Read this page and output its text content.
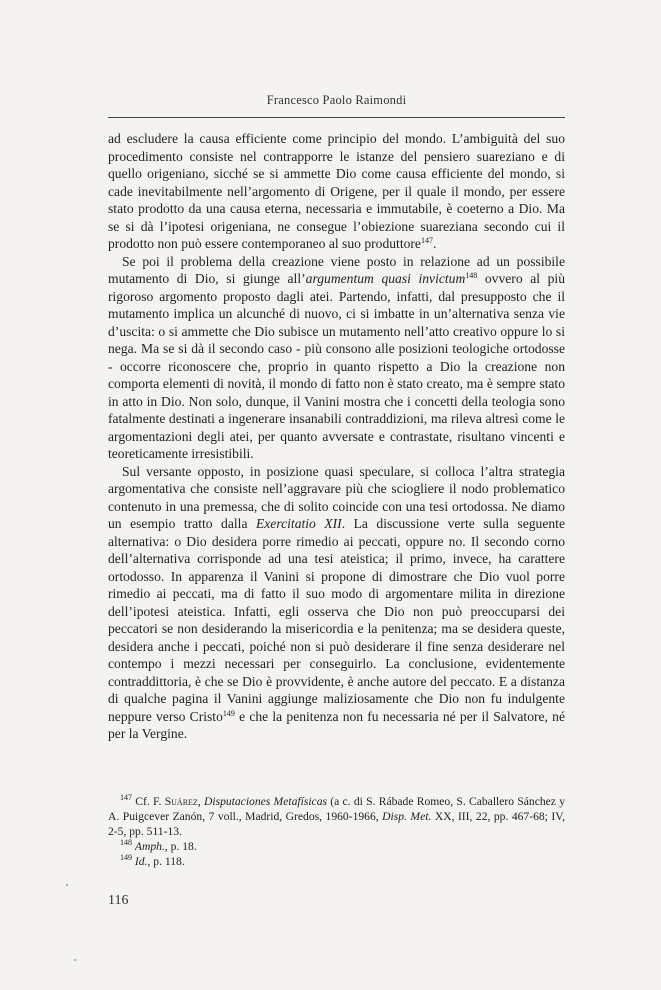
Francesco Paolo Raimondi

ad escludere la causa efficiente come principio del mondo. L’ambiguità del suo procedimento consiste nel contrapporre le istanze del pensiero suareziano e di quello origeniano, sicché se si ammette Dio come causa efficiente del mondo, si cade inevitabilmente nell’argomento di Origene, per il quale il mondo, per essere stato prodotto da una causa eterna, necessaria e immutabile, è coeterno a Dio. Ma se si dà l’ipotesi origeniana, ne consegue l’obiezione suareziana secondo cui il prodotto non può essere contemporaneo al suo produttore$^{147}$.

Se poi il problema della creazione viene posto in relazione ad un possibile mutamento di Dio, si giunge all’argumentum quasi invictum$^{148}$ ovvero al più rigoroso argomento proposto dagli atei. Partendo, infatti, dal presupposto che il mutamento implica un alcunché di nuovo, ci si imbatte in un’alternativa senza vie d’uscita: o si ammette che Dio subisce un mutamento nell’atto creativo oppure lo si nega. Ma se si dà il secondo caso - più consono alle posizioni teologiche ortodosse - occorre riconoscere che, proprio in quanto rispetto a Dio la creazione non comporta elementi di novità, il mondo di fatto non è stato creato, ma è sempre stato in atto in Dio. Non solo, dunque, il Vanini mostra che i concetti della teologia sono fatalmente destinati a ingenerare insanabili contraddizioni, ma rileva altresì come le argomentazioni degli atei, per quanto avversate e contrastate, risultano vincenti e teoreticamente irresistibili.

Sul versante opposto, in posizione quasi speculare, si colloca l’altra strategia argomentativa che consiste nell’aggravare più che sciogliere il nodo problematico contenuto in una premessa, che di solito coincide con una tesi ortodossa. Ne diamo un esempio tratto dalla Exercitatio XII. La discussione verte sulla seguente alternativa: o Dio desidera porre rimedio ai peccati, oppure no. Il secondo corno dell’alternativa corrisponde ad una tesi ateistica; il primo, invece, ha carattere ortodosso. In apparenza il Vanini si propone di dimostrare che Dio vuol porre rimedio ai peccati, ma di fatto il suo modo di argomentare milita in direzione dell’ipotesi ateistica. Infatti, egli osserva che Dio non può preoccuparsi dei peccatori se non desiderando la misericordia e la penitenza; ma se desidera queste, desidera anche i peccati, poiché non si può desiderare il fine senza desiderare nel contempo i mezzi necessari per conseguirlo. La conclusione, evidentemente contraddittoria, è che se Dio è provvidente, è anche autore del peccato. E a distanza di qualche pagina il Vanini aggiunge maliziosamente che Dio non fu indulgente neppure verso Cristo$^{149}$ e che la penitenza non fu necessaria né per il Salvatore, né per la Vergine.

$^{147}$ Cf. F. Suárez, Disputaciones Metafísicas (a c. di S. Rábade Romeo, S. Caballero Sánchez y A. Puigcever Zanón, 7 voll., Madrid, Gredos, 1960-1966, Disp. Met. XX, III, 22, pp. 467-68; IV, 2-5, pp. 511-13.

$^{148}$ Amph., p. 18.

$^{149}$ Id., p. 118.

116
